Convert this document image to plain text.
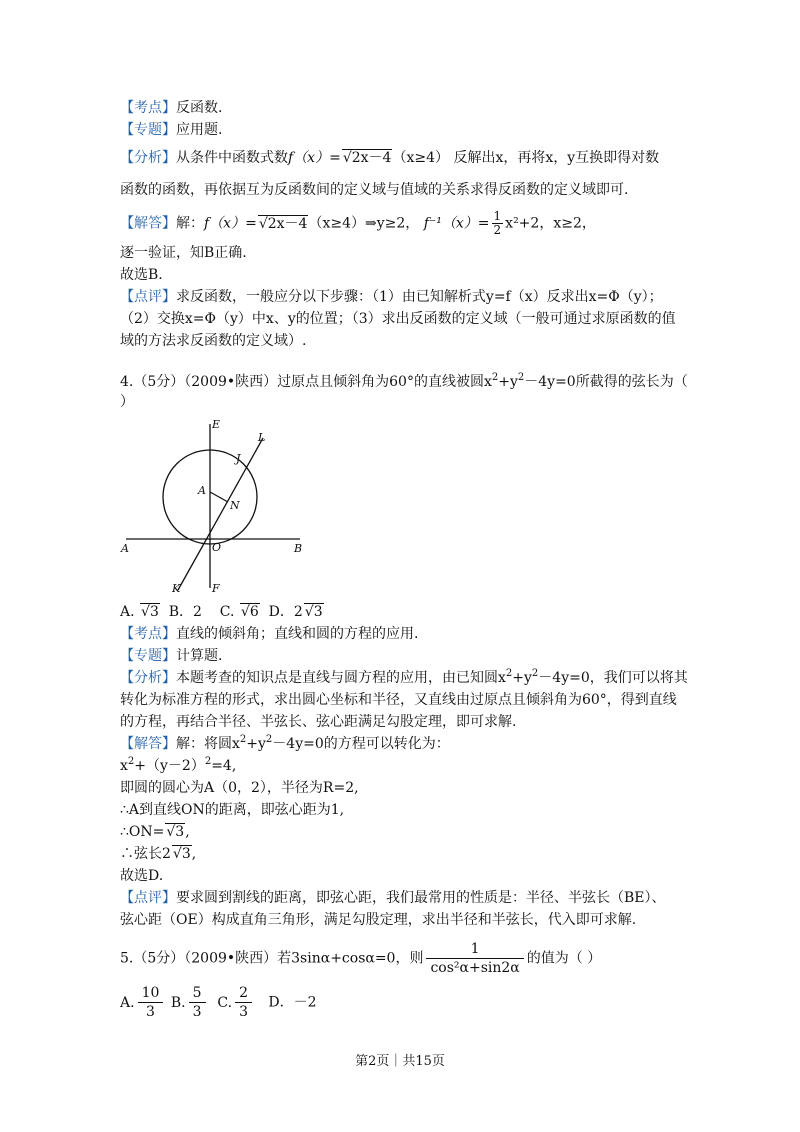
【考点】反函数.
【专题】应用题.
【分析】从条件中函数式数f（x）= √2x－4（x≥4） 反解出x，再将x，y互换即得对数
函数的函数，再依据互为反函数间的定义域与值域的关系求得反函数的定义域即可.
【解答】解：f（x）= √2x－4（x≥4）⇒y≥2， $f^{-1}(x)= \frac{1}{2} x^2+2$，x≥2，
逐一验证，知B正确.
故选B.
【点评】求反函数，一般应分以下步骤：（1）由已知解析式y=f（x）反求出x=Φ（y）；
（2）交换x=Φ（y）中x、y的位置；（3）求出反函数的定义域（一般可通过求原函数的值
域的方法求反函数的定义域）.
4.（5分）（2009•陕西）过原点且倾斜角为60°的直线被圆$x^2+y^2-4y=0$所截得的弦长为（
）
E
L
J
A
N
A	O	B
K	F
A. √3 B．2 C. √6 D．2 √3
【考点】直线的倾斜角；直线和圆的方程的应用.
【专题】计算题.
【分析】本题考查的知识点是直线与圆方程的应用，由已知圆$x^2+y^2-4y=0$，我们可以将其
转化为标准方程的形式，求出圆心坐标和半径，又直线由过原点且倾斜角为60°，得到直线
的方程，再结合半径、半弦长、弦心距满足勾股定理，即可求解.
【解答】解：将圆$x^2+y^2-4y=0$的方程可以转化为：
$x^2+(y-2)^2=4$,
即圆的圆心为A（0，2），半径为R=2,
∴A到直线ON的距离，即弦心距为1,
∴ON= √3,
∴弦长2 √3,
故选D.
【点评】要求圆到割线的距离，即弦心距，我们最常用的性质是：半径、半弦长（BE）、
弦心距（OE）构成直角三角形，满足勾股定理，求出半径和半弦长，代入即可求解.
5.（5分）（2009•陕西）若3sinα+cosα=0，则 $\frac{1}{\text{cos²α+sin2α}}$ 的值为（ ）
A. $\frac{10}{3} B$. $\frac{5}{3} C$. $\frac{2}{3}$ D．－2
第2页｜共15页
